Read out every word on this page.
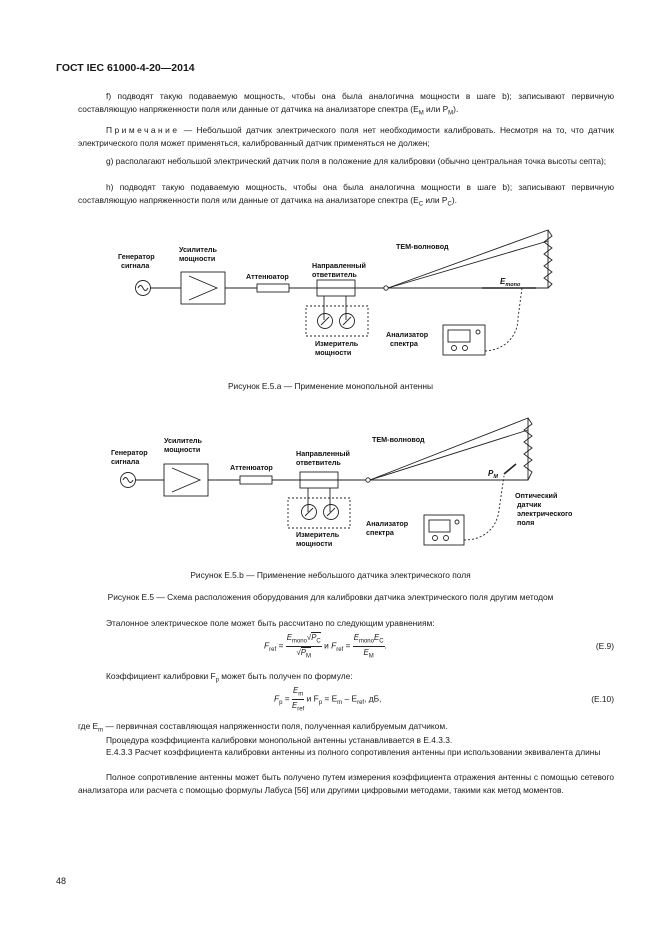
ГОСТ IEC 61000-4-20—2014
f) подводят такую подаваемую мощность, чтобы она была аналогична мощности в шаге b); записывают первичную составляющую напряженности поля или данные от датчика на анализаторе спектра ($E_M$ или $P_M$).
Примечание — Небольшой датчик электрического поля нет необходимости калибровать. Несмотря на то, что датчик электрического поля может применяться, калиброванный датчик применяться не должен;
g) располагают небольшой электрический датчик поля в положение для калибровки (обычно центральная точка высоты септа);
h) подводят такую подаваемую мощность, чтобы она была аналогична мощности в шаге b); записывают первичную составляющую напряженности поля или данные от датчика на анализаторе спектра ($E_C$ или $P_C$).
Генератор
сигнала
Усилитель
мощности
Аттенюатор
Направленный
ответвитель
Измеритель
мощности
TEM-волновод
$E_{mono}$
Анализатор
спектра
Рисунок E.5.a — Применение монопольной антенны
Генератор
сигнала
Усилитель
мощности
Аттенюатор
Направленный
ответвитель
Измеритель
мощности
TEM-волновод
$P_M$
Оптический
датчик
электрического
поля
Анализатор
спектра
Рисунок E.5.b — Применение небольшого датчика электрического поля
Рисунок E.5 — Схема расположения оборудования для калибровки датчика электрического поля другим методом
Эталонное электрическое поле может быть рассчитано по следующим уравнениям:
$F_{ref}$ =
$E_{mono}√P_C$
$√P_M$
и $F_{ref}$ =
$E_{mono}E_C$
$E_M$
.	(E.9)
Коэффициент калибровки $F_p$ может быть получен по формуле:
$F_p$ =
$E_m$
$E_{ref}$
и $F_p = E_m - E_{ref}$, дБ,	(E.10)
где $E_m$ — первичная составляющая напряженности поля, полученная калибруемым датчиком.
Процедура коэффициента калибровки монопольной антенны устанавливается в E.4.3.3.
E.4.3.3 Расчет коэффициента калибровки антенны из полного сопротивления антенны при использовании эквивалента длины
Полное сопротивление антенны может быть получено путем измерения коэффициента отражения антенны с помощью сетевого анализатора или расчета с помощью формулы Лабуса [56] или другими цифровыми методами, такими как метод моментов.
48
